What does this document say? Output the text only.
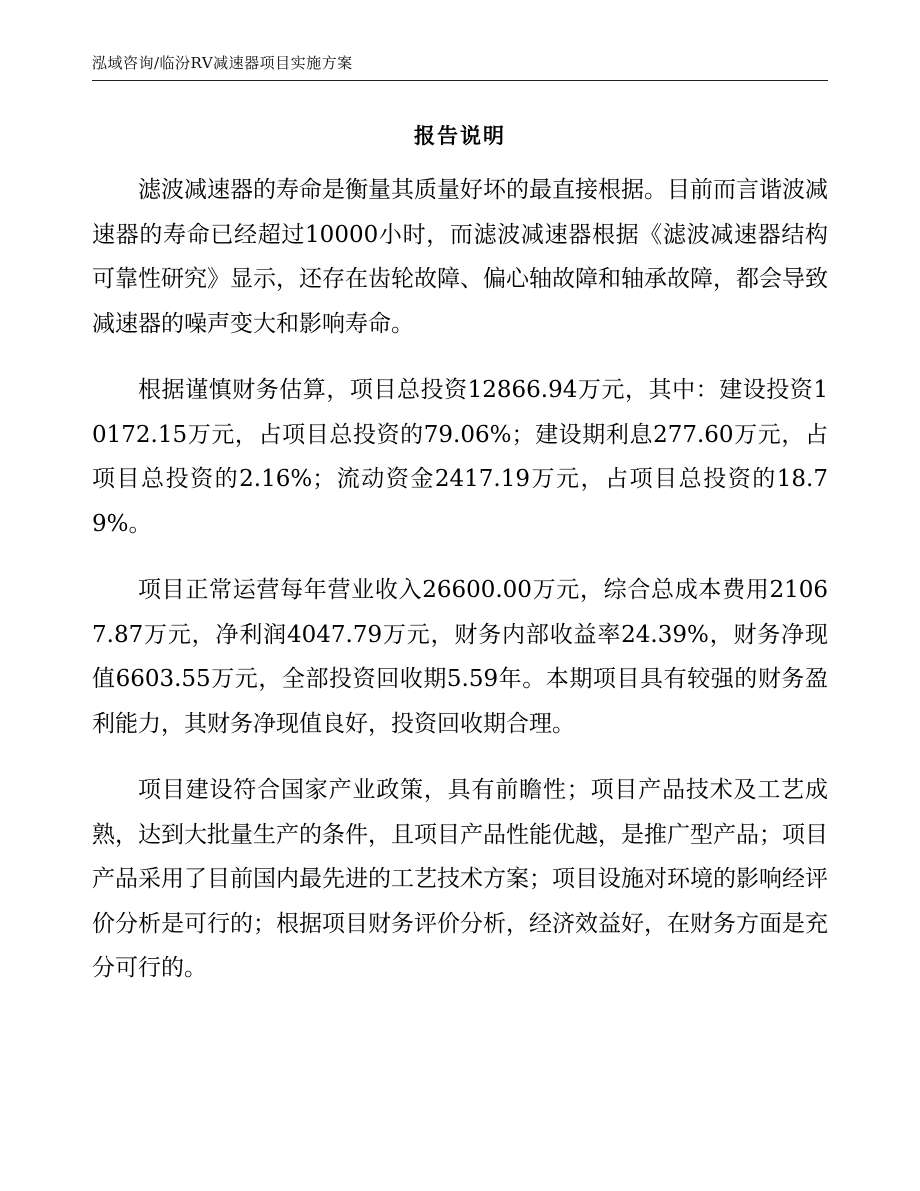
泓域咨询/临汾RV减速器项目实施方案
报告说明

滤波减速器的寿命是衡量其质量好坏的最直接根据。目前而言谐波减速器的寿命已经超过10000小时，而滤波减速器根据《滤波减速器结构可靠性研究》显示，还存在齿轮故障、偏心轴故障和轴承故障，都会导致减速器的噪声变大和影响寿命。

根据谨慎财务估算，项目总投资12866.94万元，其中：建设投资10172.15万元，占项目总投资的79.06%；建设期利息277.60万元，占项目总投资的2.16%；流动资金2417.19万元，占项目总投资的18.79%。

项目正常运营每年营业收入26600.00万元，综合总成本费用21067.87万元，净利润4047.79万元，财务内部收益率24.39%，财务净现值6603.55万元，全部投资回收期5.59年。本期项目具有较强的财务盈利能力，其财务净现值良好，投资回收期合理。

项目建设符合国家产业政策，具有前瞻性；项目产品技术及工艺成熟，达到大批量生产的条件，且项目产品性能优越，是推广型产品；项目产品采用了目前国内最先进的工艺技术方案；项目设施对环境的影响经评价分析是可行的；根据项目财务评价分析，经济效益好，在财务方面是充分可行的。
